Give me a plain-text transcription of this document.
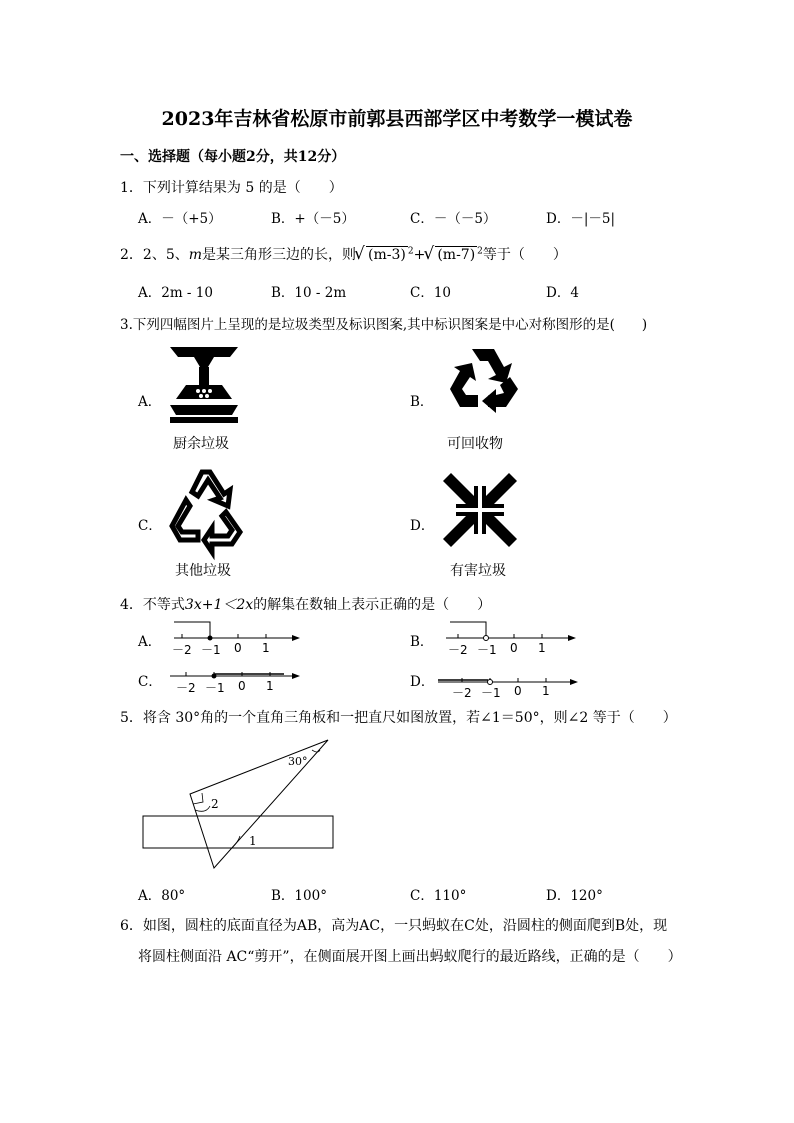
2023年吉林省松原市前郭县西部学区中考数学一模试卷
一、选择题（每小题2分，共12分）
1．下列计算结果为 5 的是（　　）
A．－（+5）	B．+（－5）	C．－（－5）	D．－|－5|
2．2、5、m是某三角形三边的长，则 √ (m-3) $^2$+ √ (m-7) $^2$等于（　　）
A．2m - 10	B．10 - 2m	C．10	D．4
3.下列四幅图片上呈现的是垃圾类型及标识图案,其中标识图案是中心对称图形的是(　　)
A．
厨余垃圾
B．
可回收物
C．
其他垃圾
D．
有害垃圾
4．不等式3x+1＜2x的解集在数轴上表示正确的是（　　）
A． －2 －1 0 1	B． －2 －1 0 1
C． －2 －1 0 1	D．
－2 －1 0 1
5．将含 30°角的一个直角三角板和一把直尺如图放置，若∠1＝50°，则∠2 等于（　　）
30°
2
1
A．80°	B．100°	C．110°	D．120°
6．如图，圆柱的底面直径为AB，高为AC，一只蚂蚁在C处，沿圆柱的侧面爬到B处，现
将圆柱侧面沿 AC“剪开”，在侧面展开图上画出蚂蚁爬行的最近路线，正确的是（　　）
